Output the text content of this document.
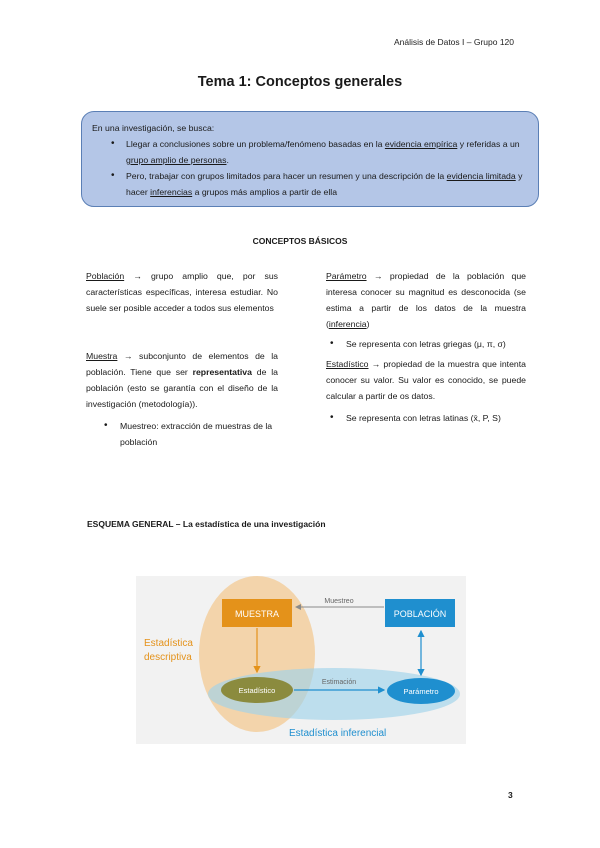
Análisis de Datos I – Grupo 120
Tema 1: Conceptos generales
En una investigación, se busca:
• Llegar a conclusiones sobre un problema/fenómeno basadas en la evidencia empírica y referidas a un grupo amplio de personas.
• Pero, trabajar con grupos limitados para hacer un resumen y una descripción de la evidencia limitada y hacer inferencias a grupos más amplios a partir de ella
CONCEPTOS BÁSICOS

Población → grupo amplio que, por sus características específicas, interesa estudiar. No suele ser posible acceder a todos sus elementos

Muestra → subconjunto de elementos de la población. Tiene que ser representativa de la población (esto se garantía con el diseño de la investigación (metodología)).

• Muestreo: extracción de muestras de la población

Parámetro → propiedad de la población que interesa conocer su magnitud es desconocida (se estima a partir de los datos de la muestra (inferencia)

• Se representa con letras griegas (μ, π, σ)

Estadístico → propiedad de la muestra que intenta conocer su valor. Su valor es conocido, se puede calcular a partir de os datos.

• Se representa con letras latinas (x̄, P, S)
ESQUEMA GENERAL – La estadística de una investigación
MUESTRA	POBLACIÓN
Muestreo
Estadístico	Parámetro
Estimación
Estadística
descriptiva
Estadística inferencial
3
